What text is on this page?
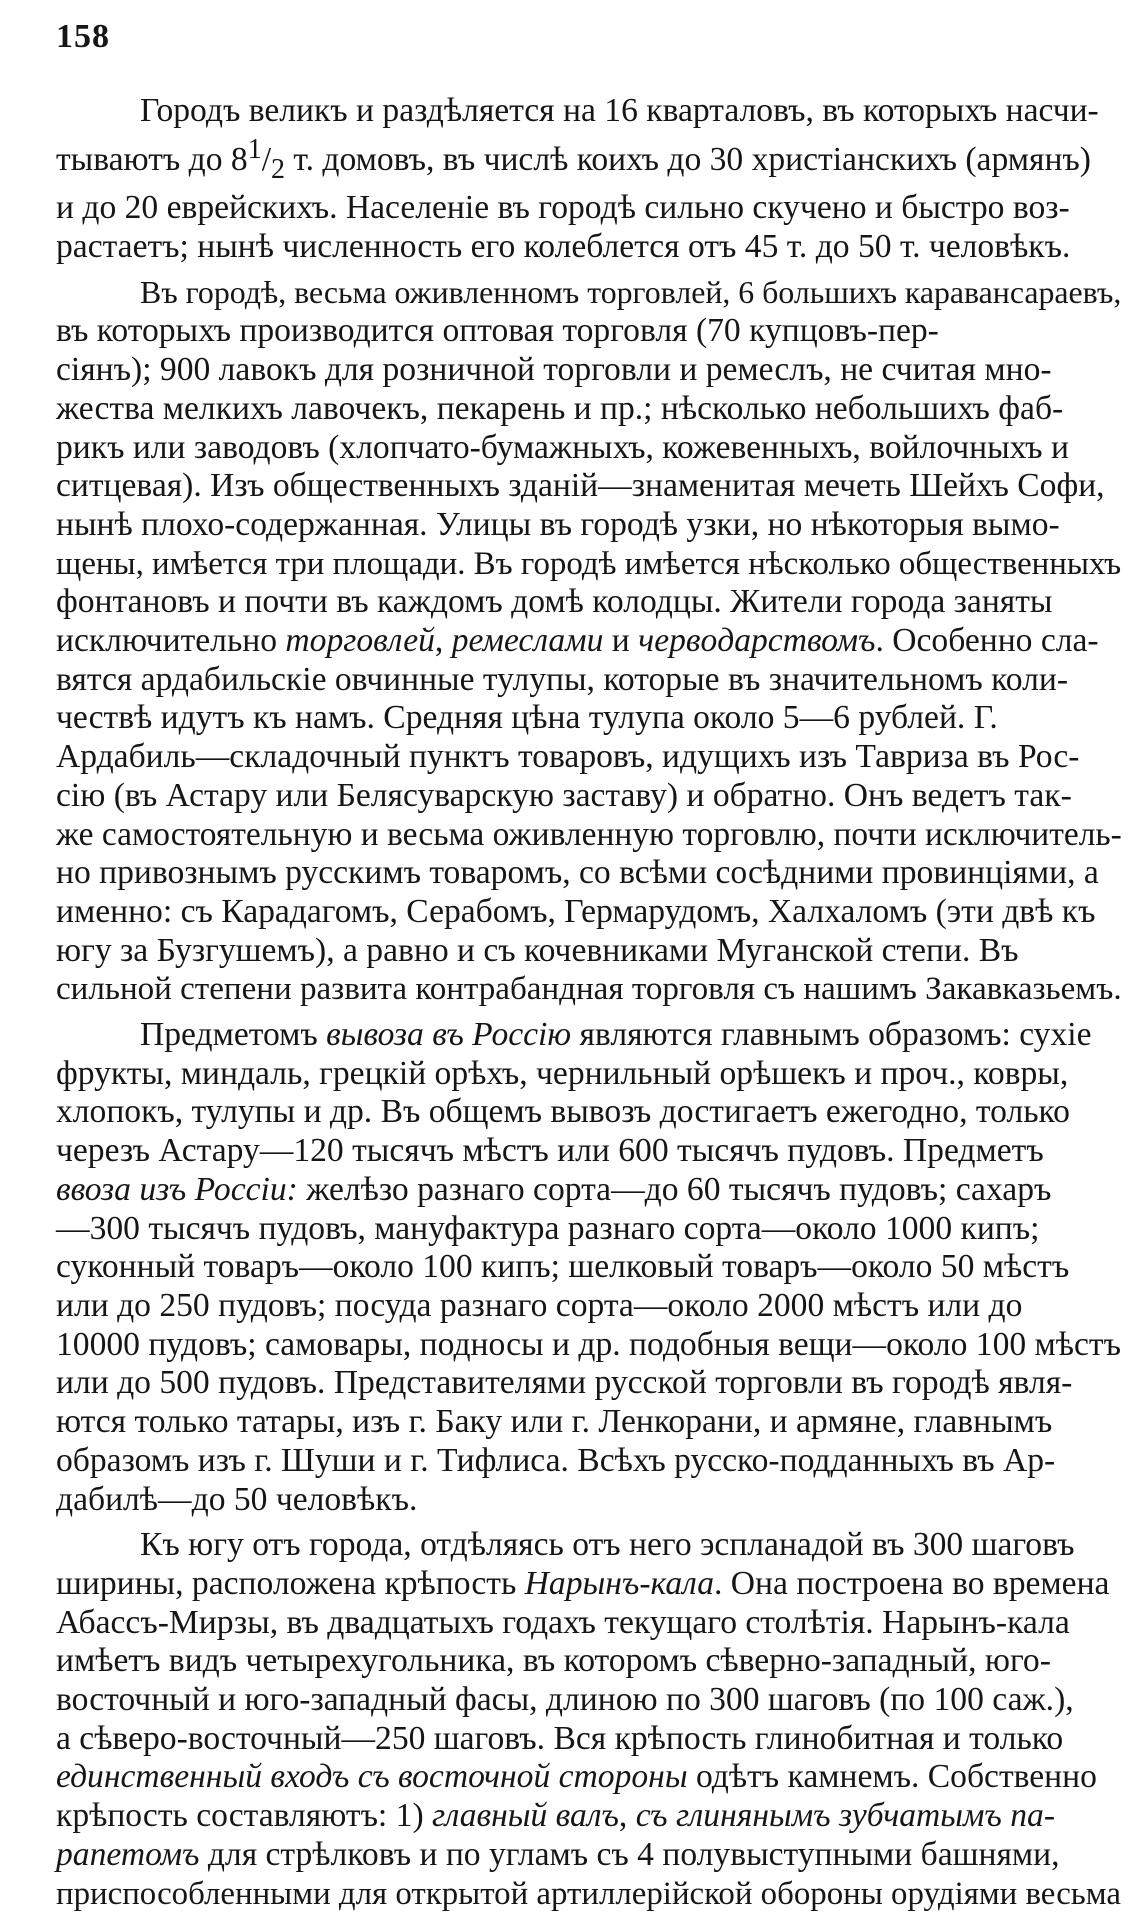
158
Городъ великъ и раздѣляется на 16 кварталовъ, въ которыхъ насчи-
тываютъ до $8^1/_2$ т. домовъ, въ числѣ коихъ до 30 христіанскихъ (армянъ)
и до 20 еврейскихъ. Населеніе въ городѣ сильно скучено и быстро воз-
растаетъ; нынѣ численность его колеблется отъ 45 т. до 50 т. человѣкъ.
Въ городѣ, весьма оживленномъ торговлей, 6 большихъ каравансараевъ,
въ которыхъ производится оптовая торговля (70 купцовъ-пер-
сіянъ); 900 лавокъ для розничной торговли и ремеслъ, не считая мно-
жества мелкихъ лавочекъ, пекарень и пр.; нѣсколько небольшихъ фаб-
рикъ или заводовъ (хлопчато-бумажныхъ, кожевенныхъ, войлочныхъ и
ситцевая). Изъ общественныхъ зданій—знаменитая мечеть Шейхъ Софи,
нынѣ плохо-содержанная. Улицы въ городѣ узки, но нѣкоторыя вымо-
щены, имѣется три площади. Въ городѣ имѣется нѣсколько общественныхъ
фонтановъ и почти въ каждомъ домѣ колодцы. Жители города заняты
исключительно торговлей, ремеслами и червoдарствомъ. Особенно сла-
вятся ардабильскіе овчинные тулупы, которые въ значительномъ коли-
чествѣ идутъ къ намъ. Средняя цѣна тулупа около 5—6 рублей. Г.
Ардабиль—складочный пунктъ товаровъ, идущихъ изъ Тавриза въ Рос-
сію (въ Астару или Белясуварскую заставу) и обратно. Онъ ведетъ так-
же самостоятельную и весьма оживленную торговлю, почти исключитель-
но привознымъ русскимъ товаромъ, со всѣми сосѣдними провинціями, а
именно: съ Карадагомъ, Серабомъ, Гермарудомъ, Халхаломъ (эти двѣ къ
югу за Бузгушемъ), а равно и съ кочевниками Муганской степи. Въ
сильной степени развита контрабандная торговля съ нашимъ Закавказьемъ.
Предметомъ вывоза въ Россію являются главнымъ образомъ: сухіе
фрукты, миндаль, грецкій орѣхъ, чернильный орѣшекъ и проч., ковры,
хлопокъ, тулупы и др. Въ общемъ вывозъ достигаетъ ежегодно, только
черезъ Астару—120 тысячъ мѣстъ или 600 тысячъ пудовъ. Предметъ
ввоза изъ Россіи: желѣзо разнаго сорта—до 60 тысячъ пудовъ; сахаръ
—300 тысячъ пудовъ, мануфактура разнаго сорта—около 1000 кипъ;
суконный товаръ—около 100 кипъ; шелковый товаръ—около 50 мѣстъ
или до 250 пудовъ; посуда разнаго сорта—около 2000 мѣстъ или до
10000 пудовъ; самовары, подносы и др. подобныя вещи—около 100 мѣстъ
или до 500 пудовъ. Представителями русской торговли въ городѣ явля-
ются только татары, изъ г. Баку или г. Ленкорани, и армяне, главнымъ
образомъ изъ г. Шуши и г. Тифлиса. Всѣхъ русско-подданныхъ въ Ар-
дабилѣ—до 50 человѣкъ.
Къ югу отъ города, отдѣляясь отъ него эспланадой въ 300 шаговъ
ширины, расположена крѣпость Нарынъ-кала. Она построена во времена
Абассъ-Мирзы, въ двадцатыхъ годахъ текущаго столѣтія. Нарынъ-кала
имѣетъ видъ четырехугольника, въ которомъ сѣверно-западный, юго-
восточный и юго-западный фасы, длиною по 300 шаговъ (по 100 саж.),
а сѣверо-восточный—250 шаговъ. Вся крѣпость глинобитная и только
единственный входъ съ восточной стороны одѣтъ камнемъ. Собственно
крѣпость составляютъ: 1) главный валъ, съ глинянымъ зубчатымъ па-
рапетомъ для стрѣлковъ и по угламъ съ 4 полувыступными башнями,
приспособленными для открытой артиллерійской обороны орудіями весьма
